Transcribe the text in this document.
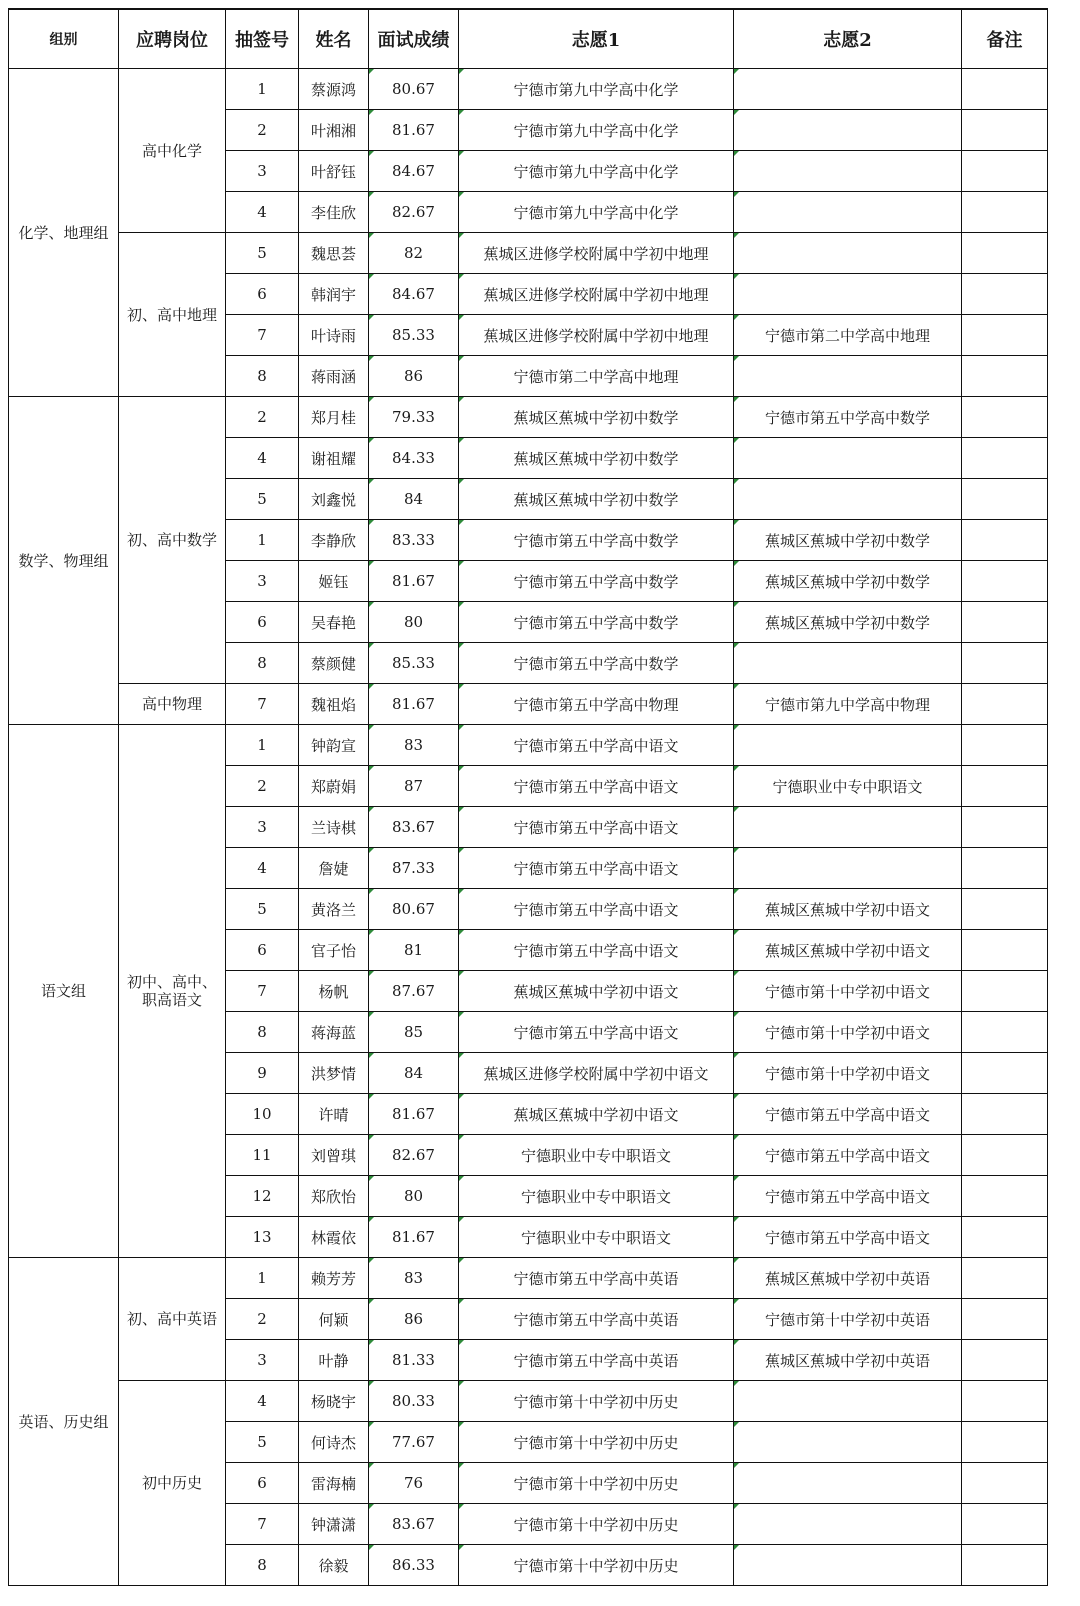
组别	应聘岗位	抽签号	姓名	面试成绩	志愿1	志愿2	备注
化学、地理组	高中化学	1	蔡源鸿	80.67	宁德市第九中学高中化学		
		2	叶湘湘	81.67	宁德市第九中学高中化学		
		3	叶舒钰	84.67	宁德市第九中学高中化学		
		4	李佳欣	82.67	宁德市第九中学高中化学		
	初、高中地理	5	魏思荟	82	蕉城区进修学校附属中学初中地理		
		6	韩润宇	84.67	蕉城区进修学校附属中学初中地理		
		7	叶诗雨	85.33	蕉城区进修学校附属中学初中地理	宁德市第二中学高中地理	
		8	蒋雨涵	86	宁德市第二中学高中地理		
数学、物理组	初、高中数学	2	郑月桂	79.33	蕉城区蕉城中学初中数学	宁德市第五中学高中数学	
		4	谢祖耀	84.33	蕉城区蕉城中学初中数学		
		5	刘鑫悦	84	蕉城区蕉城中学初中数学		
		1	李静欣	83.33	宁德市第五中学高中数学	蕉城区蕉城中学初中数学	
		3	姬钰	81.67	宁德市第五中学高中数学	蕉城区蕉城中学初中数学	
		6	吴春艳	80	宁德市第五中学高中数学	蕉城区蕉城中学初中数学	
		8	蔡颜健	85.33	宁德市第五中学高中数学		
	高中物理	7	魏祖焰	81.67	宁德市第五中学高中物理	宁德市第九中学高中物理	
语文组	初中、高中、职高语文	1	钟韵宣	83	宁德市第五中学高中语文		
		2	郑蔚娟	87	宁德市第五中学高中语文	宁德职业中专中职语文	
		3	兰诗棋	83.67	宁德市第五中学高中语文		
		4	詹婕	87.33	宁德市第五中学高中语文		
		5	黄洛兰	80.67	宁德市第五中学高中语文	蕉城区蕉城中学初中语文	
		6	官子怡	81	宁德市第五中学高中语文	蕉城区蕉城中学初中语文	
		7	杨帆	87.67	蕉城区蕉城中学初中语文	宁德市第十中学初中语文	
		8	蒋海蓝	85	宁德市第五中学高中语文	宁德市第十中学初中语文	
		9	洪梦情	84	蕉城区进修学校附属中学初中语文	宁德市第十中学初中语文	
		10	许晴	81.67	蕉城区蕉城中学初中语文	宁德市第五中学高中语文	
		11	刘曾琪	82.67	宁德职业中专中职语文	宁德市第五中学高中语文	
		12	郑欣怡	80	宁德职业中专中职语文	宁德市第五中学高中语文	
		13	林霞依	81.67	宁德职业中专中职语文	宁德市第五中学高中语文	
英语、历史组	初、高中英语	1	赖芳芳	83	宁德市第五中学高中英语	蕉城区蕉城中学初中英语	
		2	何颖	86	宁德市第五中学高中英语	宁德市第十中学初中英语	
		3	叶静	81.33	宁德市第五中学高中英语	蕉城区蕉城中学初中英语	
	初中历史	4	杨晓宇	80.33	宁德市第十中学初中历史		
		5	何诗杰	77.67	宁德市第十中学初中历史		
		6	雷海楠	76	宁德市第十中学初中历史		
		7	钟潇潇	83.67	宁德市第十中学初中历史		
		8	徐毅	86.33	宁德市第十中学初中历史		
